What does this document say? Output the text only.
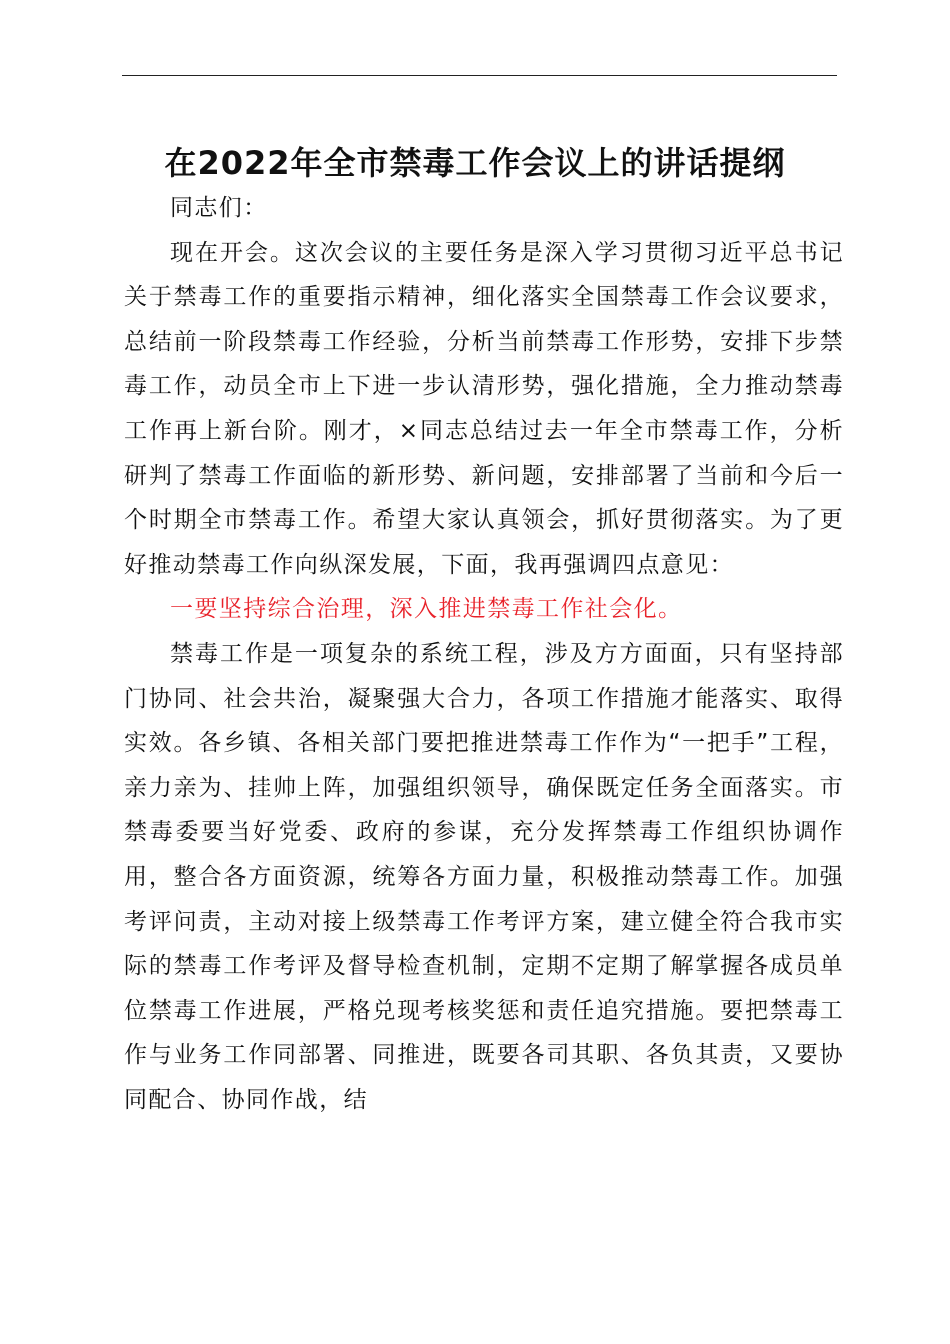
在2022年全市禁毒工作会议上的讲话提纲

同志们：

现在开会。这次会议的主要任务是深入学习贯彻习近平总书记关于禁毒工作的重要指示精神，细化落实全国禁毒工作会议要求，总结前一阶段禁毒工作经验，分析当前禁毒工作形势，安排下步禁毒工作，动员全市上下进一步认清形势，强化措施，全力推动禁毒工作再上新台阶。刚才，×同志总结过去一年全市禁毒工作，分析研判了禁毒工作面临的新形势、新问题，安排部署了当前和今后一个时期全市禁毒工作。希望大家认真领会，抓好贯彻落实。为了更好推动禁毒工作向纵深发展，下面，我再强调四点意见：

一要坚持综合治理，深入推进禁毒工作社会化。

禁毒工作是一项复杂的系统工程，涉及方方面面，只有坚持部门协同、社会共治，凝聚强大合力，各项工作措施才能落实、取得实效。各乡镇、各相关部门要把推进禁毒工作作为“一把手”工程，亲力亲为、挂帅上阵，加强组织领导，确保既定任务全面落实。市禁毒委要当好党委、政府的参谋，充分发挥禁毒工作组织协调作用，整合各方面资源，统筹各方面力量，积极推动禁毒工作。加强考评问责，主动对接上级禁毒工作考评方案，建立健全符合我市实际的禁毒工作考评及督导检查机制，定期不定期了解掌握各成员单位禁毒工作进展，严格兑现考核奖惩和责任追究措施。要把禁毒工作与业务工作同部署、同推进，既要各司其职、各负其责，又要协同配合、协同作战，结
